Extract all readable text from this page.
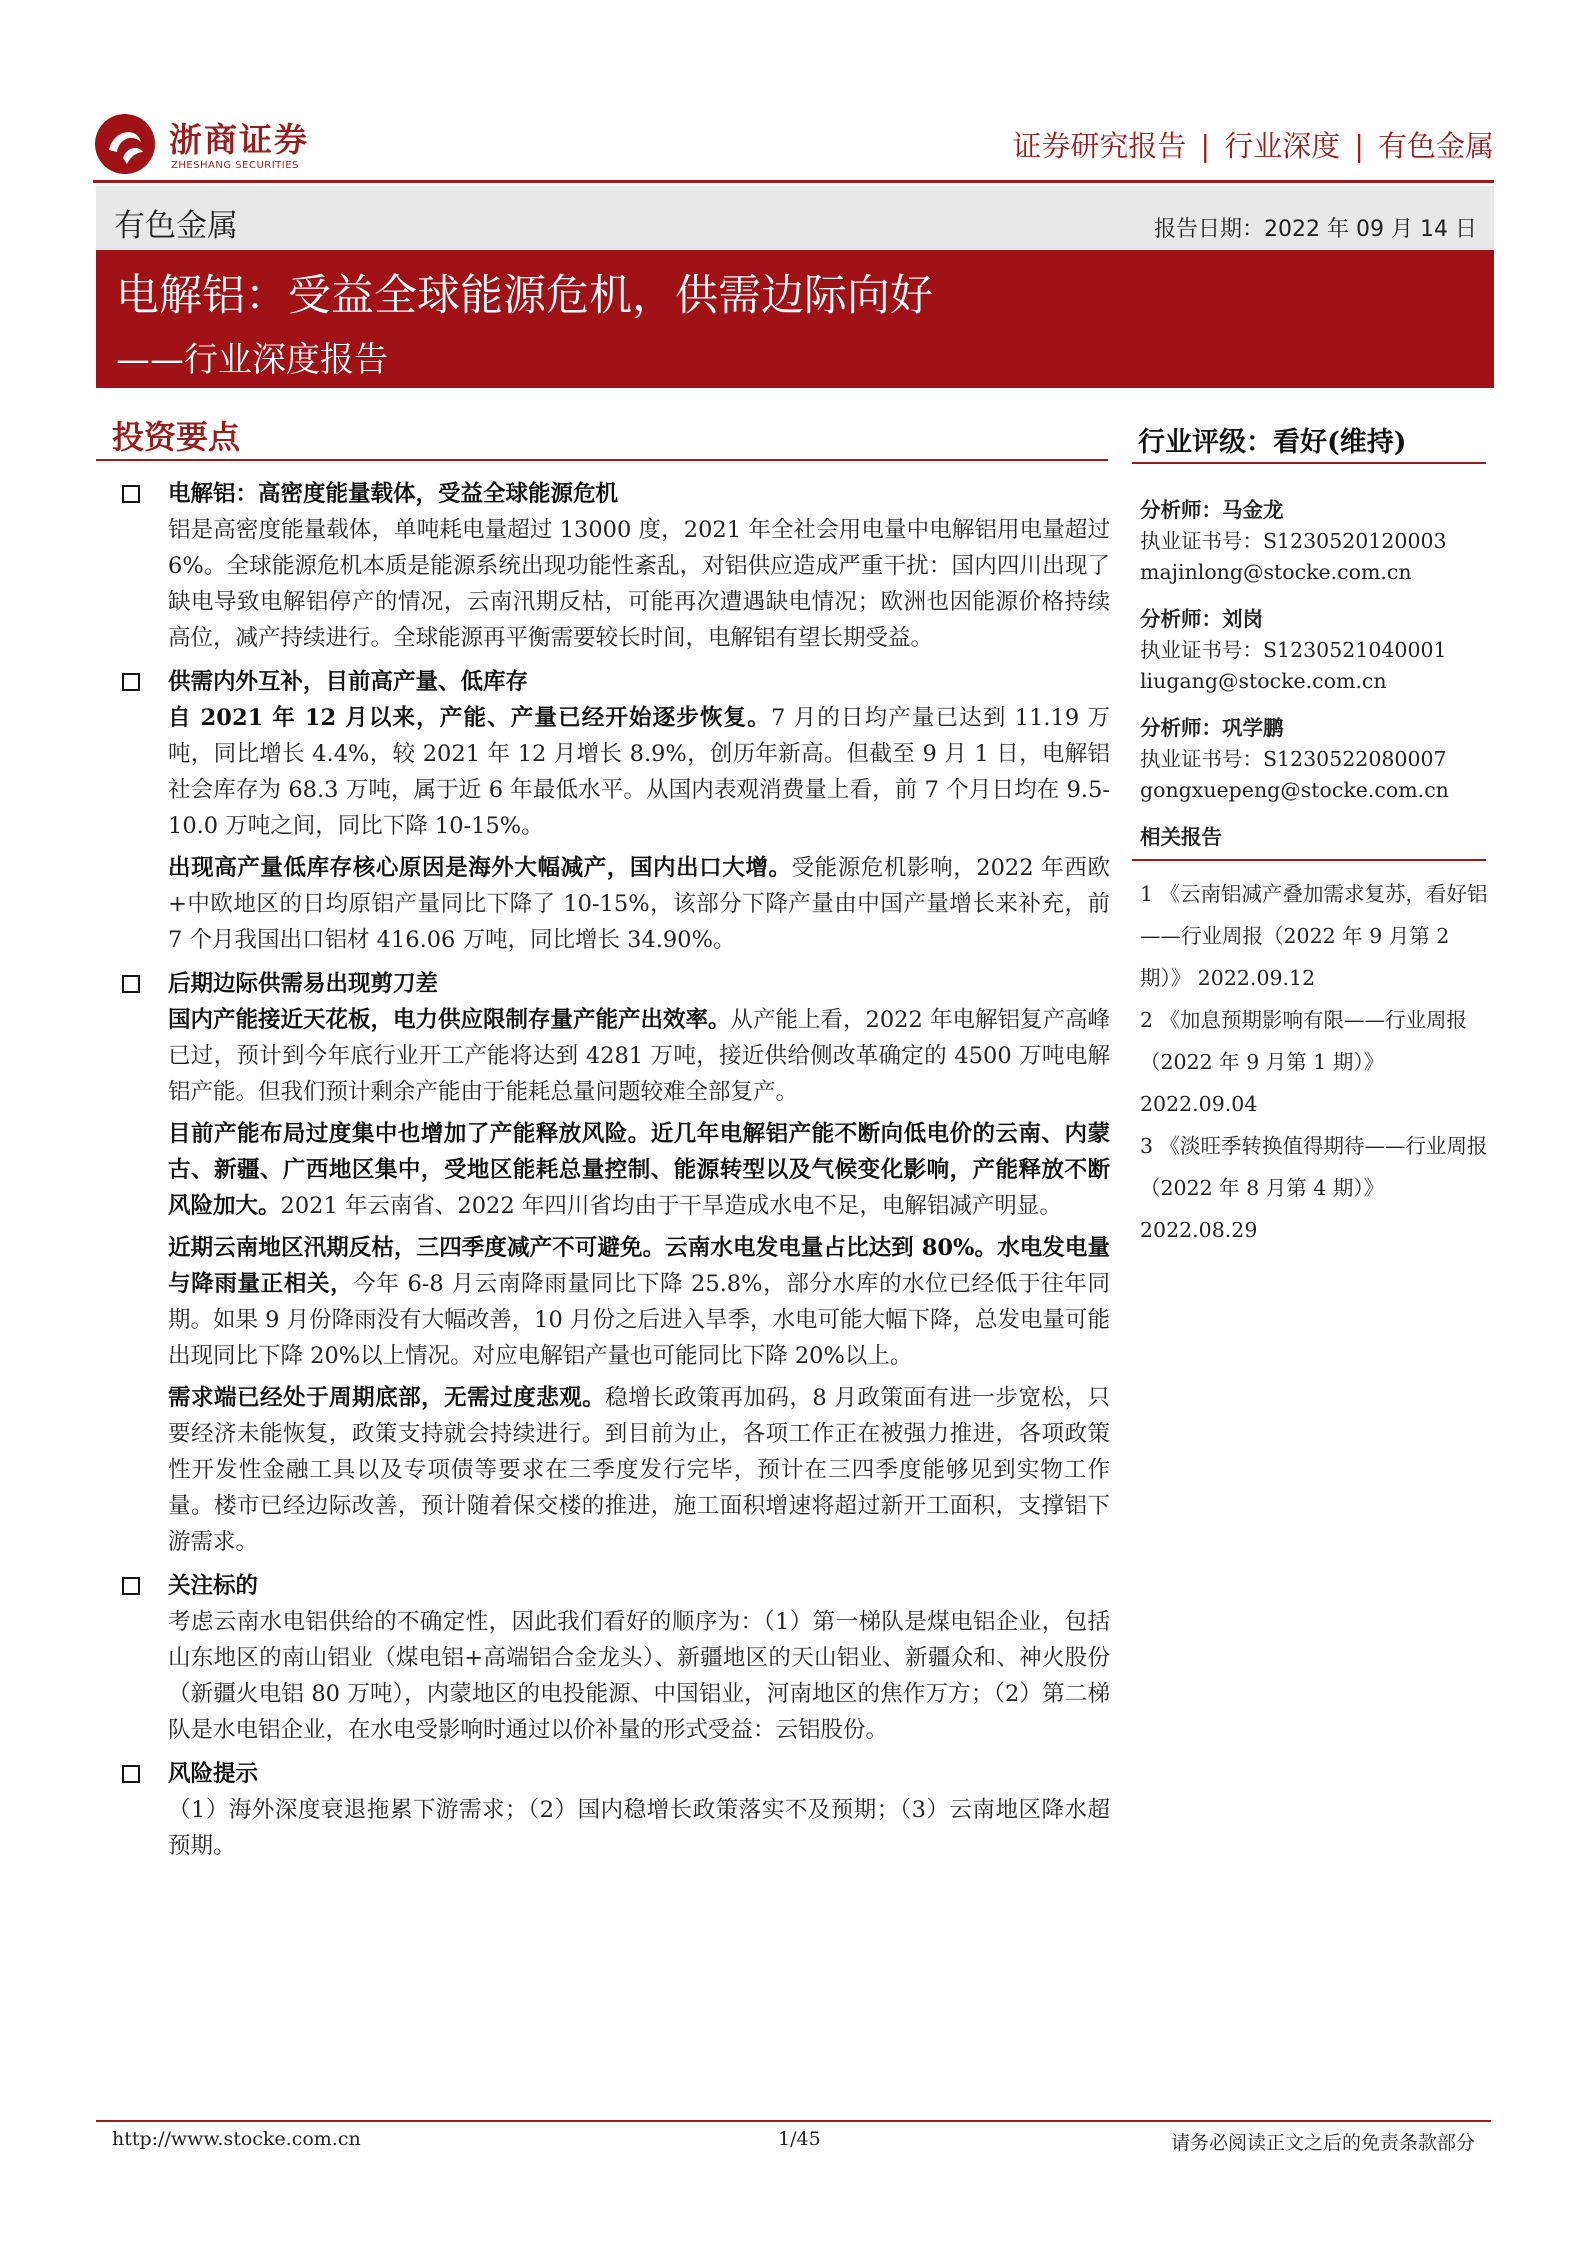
浙商证券
ZHESHANG SECURITIES
证券研究报告 | 行业深度 | 有色金属
有色金属	报告日期：2022 年 09 月 14 日
电解铝：受益全球能源危机，供需边际向好
——行业深度报告
投资要点
电解铝：高密度能量载体，受益全球能源危机

铝是高密度能量载体，单吨耗电量超过 13000 度，2021 年全社会用电量中电解铝用电量超过 6%。全球能源危机本质是能源系统出现功能性紊乱，对铝供应造成严重干扰：国内四川出现了缺电导致电解铝停产的情况，云南汛期反枯，可能再次遭遇缺电情况；欧洲也因能源价格持续高位，减产持续进行。全球能源再平衡需要较长时间，电解铝有望长期受益。

供需内外互补，目前高产量、低库存

自 2021 年 12 月以来，产能、产量已经开始逐步恢复。7 月的日均产量已达到 11.19 万吨，同比增长 4.4%，较 2021 年 12 月增长 8.9%，创历年新高。但截至 9 月 1 日，电解铝社会库存为 68.3 万吨，属于近 6 年最低水平。从国内表观消费量上看，前 7 个月日均在 9.5-10.0 万吨之间，同比下降 10-15%。

出现高产量低库存核心原因是海外大幅减产，国内出口大增。受能源危机影响，2022 年西欧+中欧地区的日均原铝产量同比下降了 10-15%，该部分下降产量由中国产量增长来补充，前 7 个月我国出口铝材 416.06 万吨，同比增长 34.90%。

后期边际供需易出现剪刀差

国内产能接近天花板，电力供应限制存量产能产出效率。从产能上看，2022 年电解铝复产高峰已过，预计到今年底行业开工产能将达到 4281 万吨，接近供给侧改革确定的 4500 万吨电解铝产能。但我们预计剩余产能由于能耗总量问题较难全部复产。

目前产能布局过度集中也增加了产能释放风险。近几年电解铝产能不断向低电价的云南、内蒙古、新疆、广西地区集中，受地区能耗总量控制、能源转型以及气候变化影响，产能释放不断风险加大。2021 年云南省、2022 年四川省均由于干旱造成水电不足，电解铝减产明显。

近期云南地区汛期反枯，三四季度减产不可避免。云南水电发电量占比达到 80%。水电发电量与降雨量正相关，今年 6-8 月云南降雨量同比下降 25.8%，部分水库的水位已经低于往年同期。如果 9 月份降雨没有大幅改善，10 月份之后进入旱季，水电可能大幅下降，总发电量可能出现同比下降 20%以上情况。对应电解铝产量也可能同比下降 20%以上。

需求端已经处于周期底部，无需过度悲观。稳增长政策再加码，8 月政策面有进一步宽松，只要经济未能恢复，政策支持就会持续进行。到目前为止，各项工作正在被强力推进，各项政策性开发性金融工具以及专项债等要求在三季度发行完毕，预计在三四季度能够见到实物工作量。楼市已经边际改善，预计随着保交楼的推进，施工面积增速将超过新开工面积，支撑铝下游需求。

关注标的

考虑云南水电铝供给的不确定性，因此我们看好的顺序为：（1）第一梯队是煤电铝企业，包括山东地区的南山铝业（煤电铝+高端铝合金龙头）、新疆地区的天山铝业、新疆众和、神火股份（新疆火电铝 80 万吨），内蒙地区的电投能源、中国铝业，河南地区的焦作万方；（2）第二梯队是水电铝企业，在水电受影响时通过以价补量的形式受益：云铝股份。

风险提示

（1）海外深度衰退拖累下游需求；（2）国内稳增长政策落实不及预期；（3）云南地区降水超预期。

行业评级：看好(维持)
分析师：马金龙
执业证书号：S1230520120003
majinlong@stocke.com.cn
分析师：刘岗
执业证书号：S1230521040001
liugang@stocke.com.cn
分析师：巩学鹏
执业证书号：S1230522080007
gongxuepeng@stocke.com.cn
相关报告
1 《云南铝减产叠加需求复苏，看好铝——行业周报（2022 年 9 月第 2 期）》 2022.09.12
2 《加息预期影响有限——行业周报（2022 年 9 月第 1 期）》 2022.09.04
3 《淡旺季转换值得期待——行业周报（2022 年 8 月第 4 期）》 2022.08.29
http://www.stocke.com.cn	1/45	请务必阅读正文之后的免责条款部分
